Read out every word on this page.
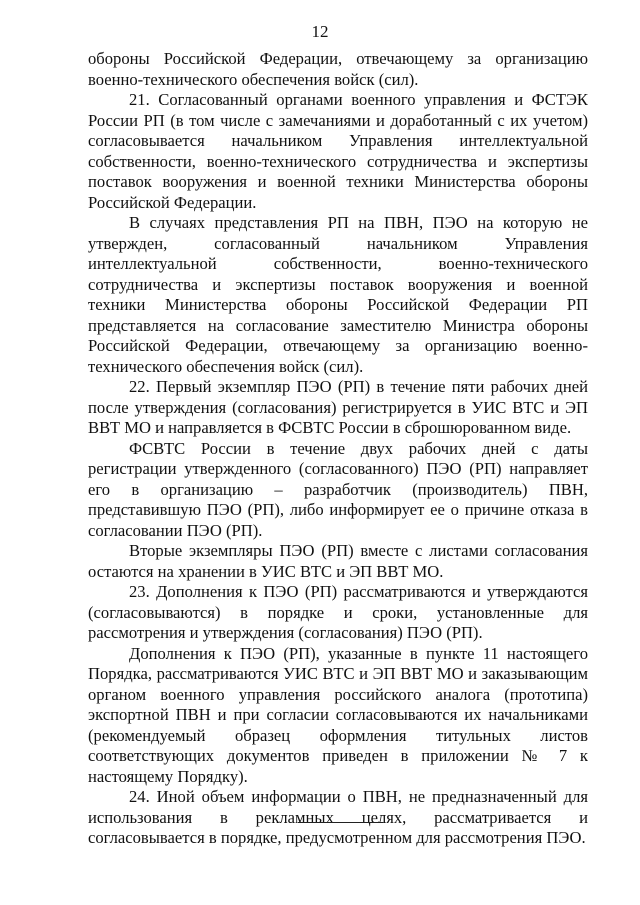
12

обороны Российской Федерации, отвечающему за организацию военно-технического обеспечения войск (сил).

21. Согласованный органами военного управления и ФСТЭК России РП (в том числе с замечаниями и доработанный с их учетом) согласовывается начальником Управления интеллектуальной собственности, военно-технического сотрудничества и экспертизы поставок вооружения и военной техники Министерства обороны Российской Федерации.

В случаях представления РП на ПВН, ПЭО на которую не утвержден, согласованный начальником Управления интеллектуальной собственности, военно-технического сотрудничества и экспертизы поставок вооружения и военной техники Министерства обороны Российской Федерации РП представляется на согласование заместителю Министра обороны Российской Федерации, отвечающему за организацию военно-технического обеспечения войск (сил).

22. Первый экземпляр ПЭО (РП) в течение пяти рабочих дней после утверждения (согласования) регистрируется в УИС ВТС и ЭП ВВТ МО и направляется в ФСВТС России в сброшюрованном виде.

ФСВТС России в течение двух рабочих дней с даты регистрации утвержденного (согласованного) ПЭО (РП) направляет его в организацию – разработчик (производитель) ПВН, представившую ПЭО (РП), либо информирует ее о причине отказа в согласовании ПЭО (РП).

Вторые экземпляры ПЭО (РП) вместе с листами согласования остаются на хранении в УИС ВТС и ЭП ВВТ МО.

23. Дополнения к ПЭО (РП) рассматриваются и утверждаются (согласовываются) в порядке и сроки, установленные для рассмотрения и утверждения (согласования) ПЭО (РП).

Дополнения к ПЭО (РП), указанные в пункте 11 настоящего Порядка, рассматриваются УИС ВТС и ЭП ВВТ МО и заказывающим органом военного управления российского аналога (прототипа) экспортной ПВН и при согласии согласовываются их начальниками (рекомендуемый образец оформления титульных листов соответствующих документов приведен в приложении № 7 к настоящему Порядку).

24. Иной объем информации о ПВН, не предназначенный для использования в рекламных целях, рассматривается и согласовывается в порядке, предусмотренном для рассмотрения ПЭО.
